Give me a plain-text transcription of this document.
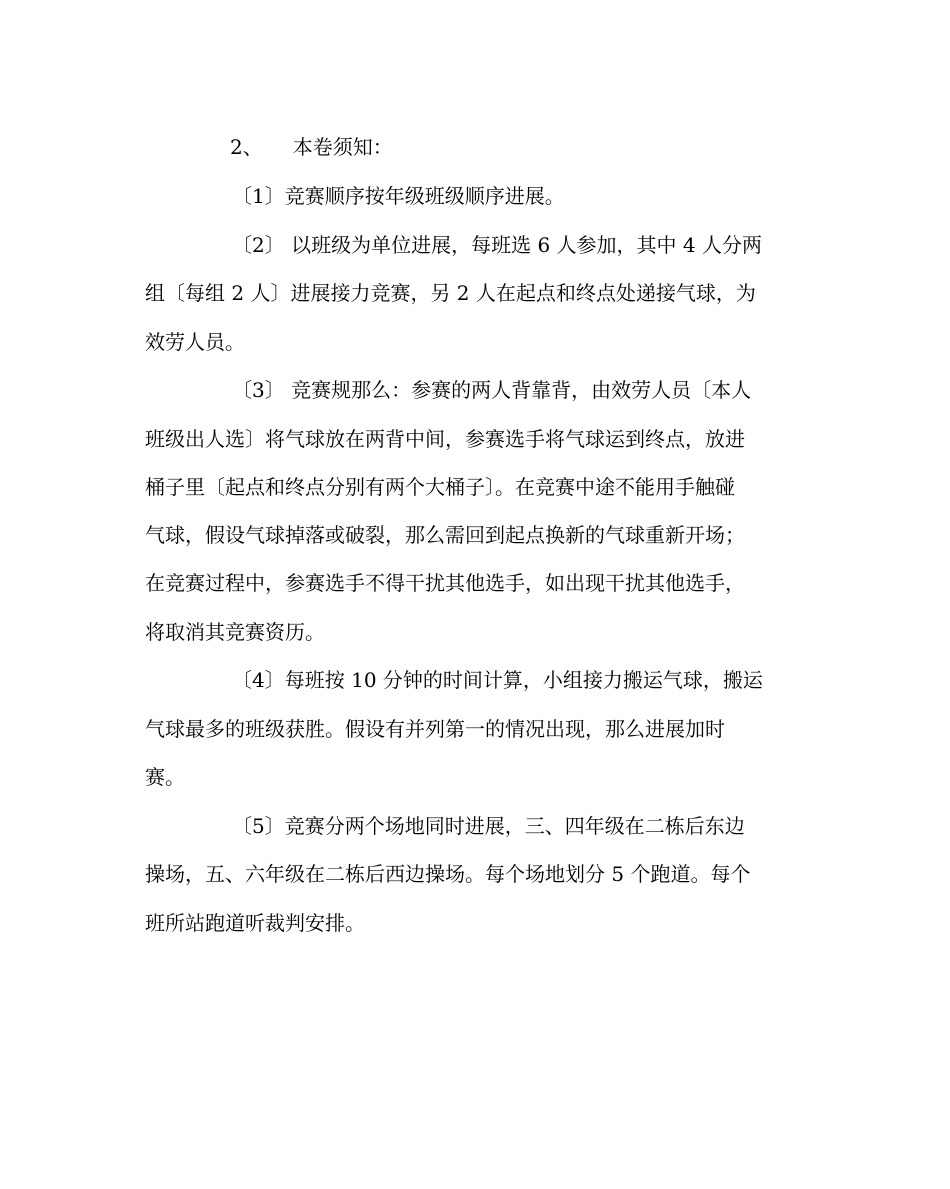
2、 本卷须知：
〔1〕竞赛顺序按年级班级顺序进展。
〔2〕 以班级为单位进展，每班选 6 人参加，其中 4 人分两
组〔每组 2 人〕进展接力竞赛，另 2 人在起点和终点处递接气球，为
效劳人员。
〔3〕 竞赛规那么：参赛的两人背靠背，由效劳人员〔本人
班级出人选〕将气球放在两背中间，参赛选手将气球运到终点，放进
桶子里〔起点和终点分别有两个大桶子〕。在竞赛中途不能用手触碰
气球，假设气球掉落或破裂，那么需回到起点换新的气球重新开场；
在竞赛过程中，参赛选手不得干扰其他选手，如出现干扰其他选手，
将取消其竞赛资历。
〔4〕每班按 10 分钟的时间计算，小组接力搬运气球，搬运
气球最多的班级获胜。假设有并列第一的情况出现，那么进展加时
赛。
〔5〕竞赛分两个场地同时进展，三、四年级在二栋后东边
操场，五、六年级在二栋后西边操场。每个场地划分 5 个跑道。每个
班所站跑道听裁判安排。
